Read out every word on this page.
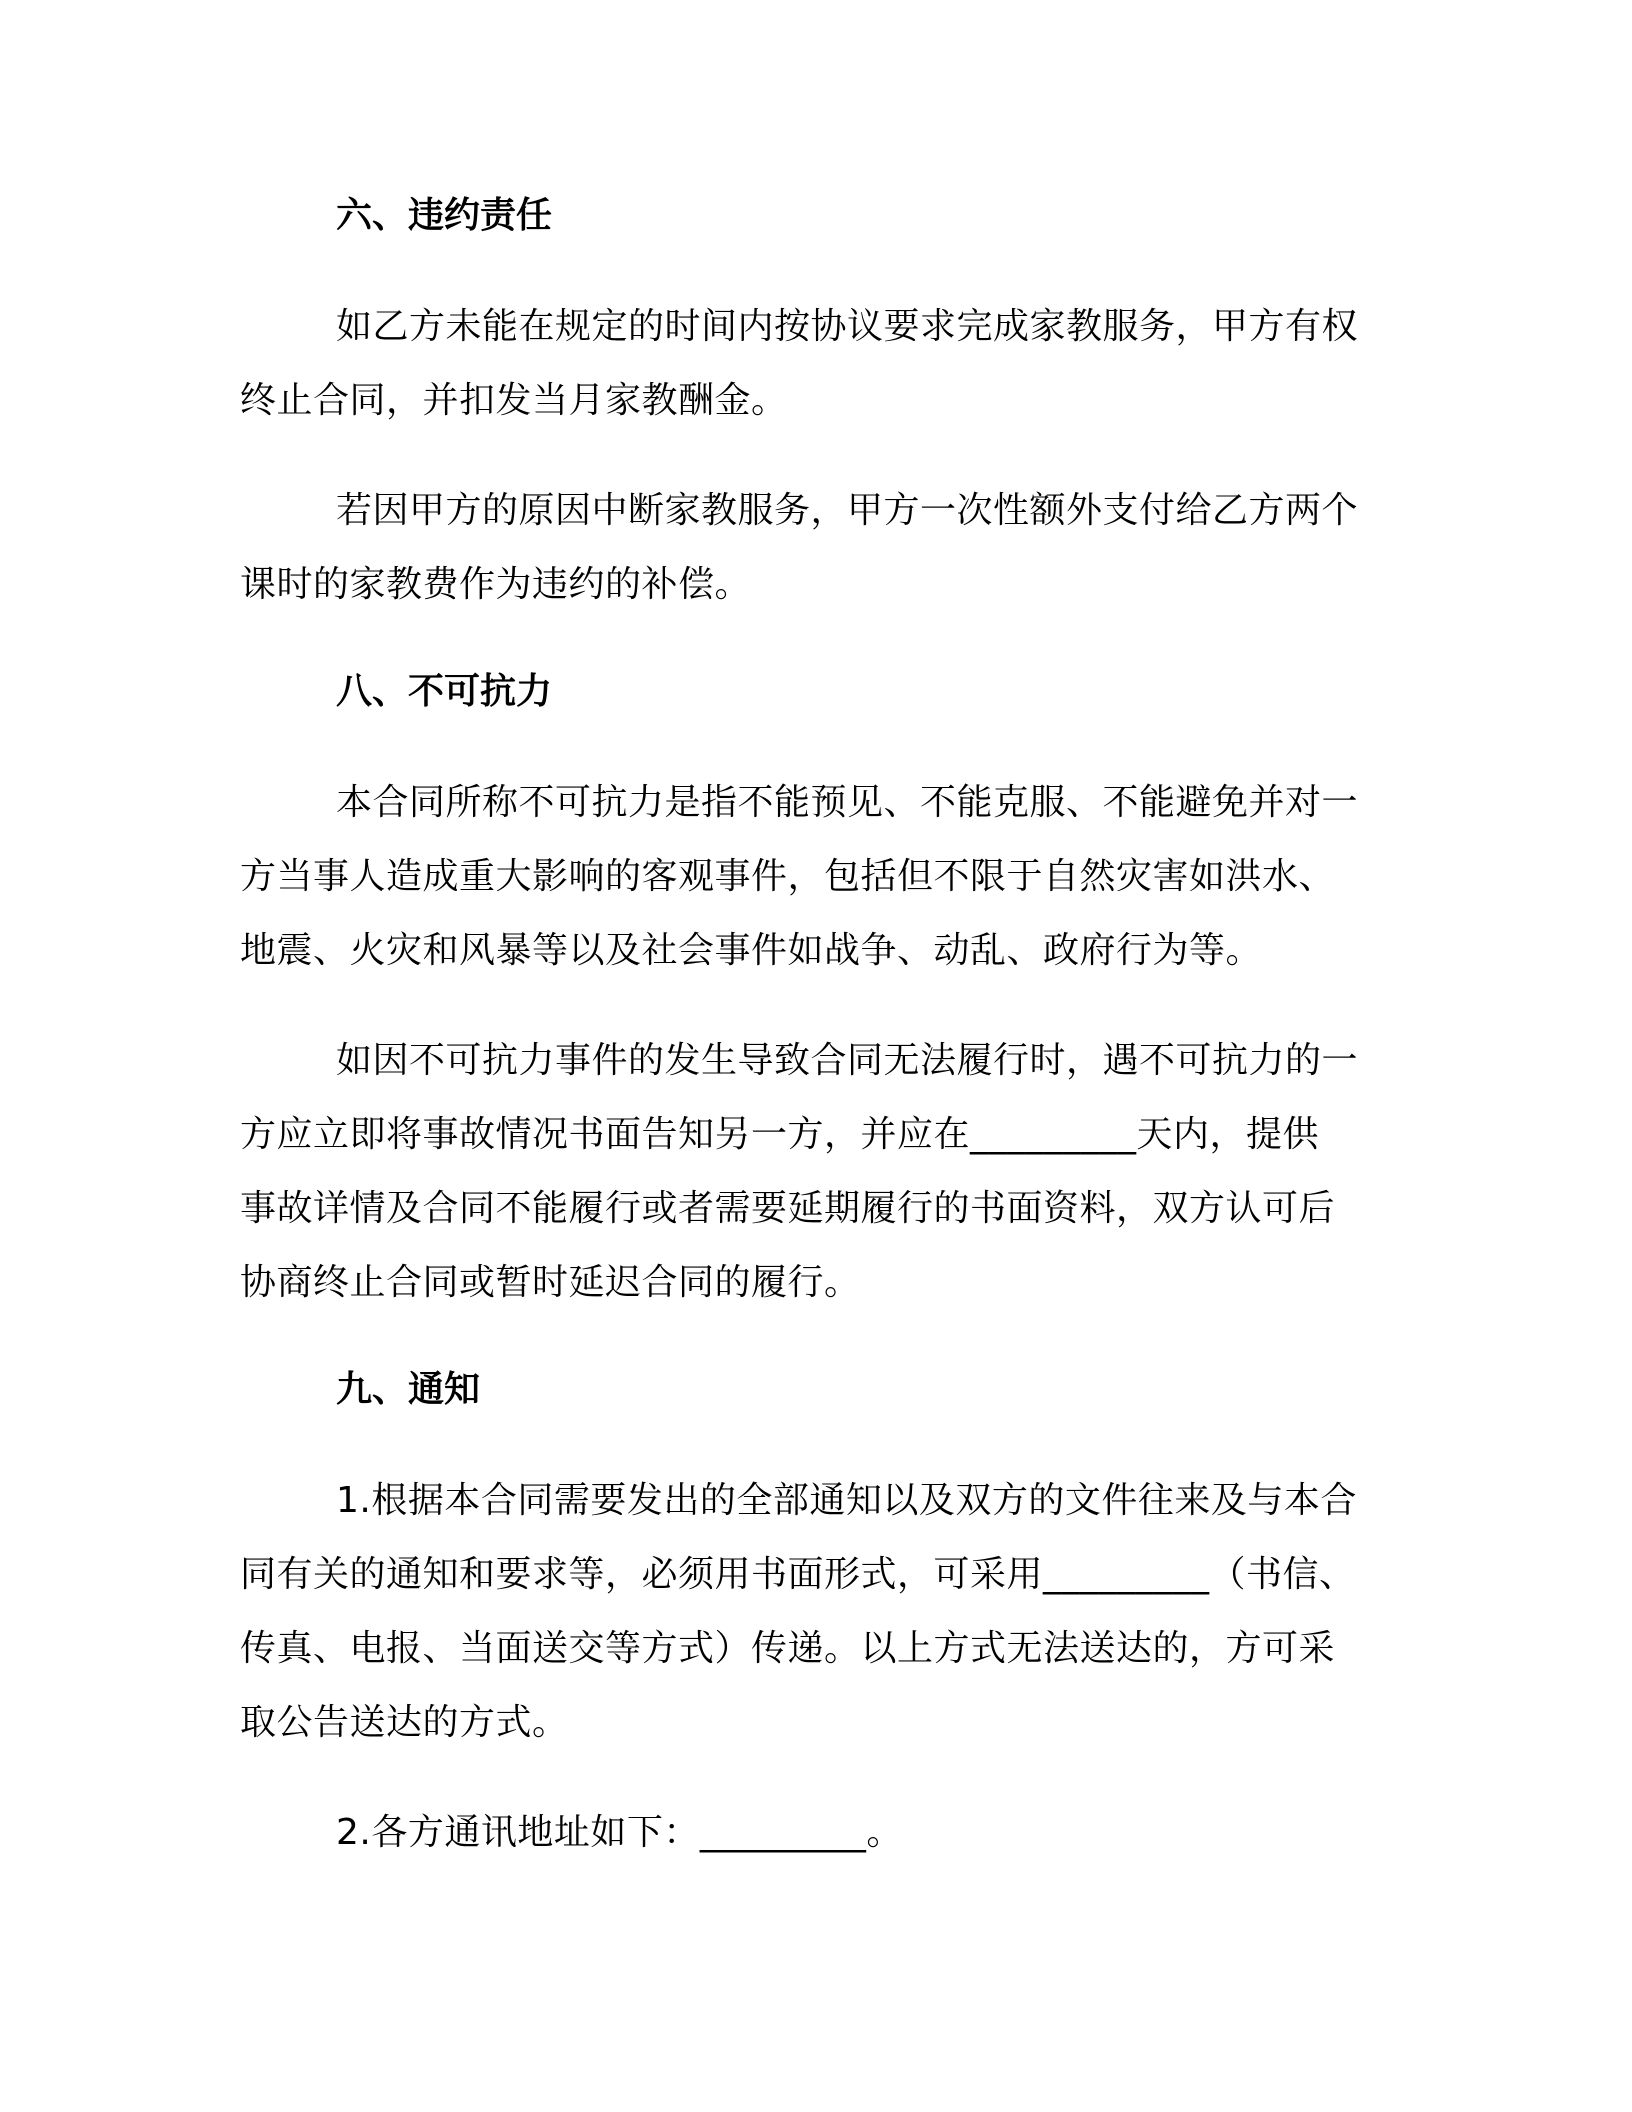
六、违约责任

如乙方未能在规定的时间内按协议要求完成家教服务，甲方有权
终止合同，并扣发当月家教酬金。

若因甲方的原因中断家教服务，甲方一次性额外支付给乙方两个
课时的家教费作为违约的补偿。

八、不可抗力

本合同所称不可抗力是指不能预见、不能克服、不能避免并对一
方当事人造成重大影响的客观事件，包括但不限于自然灾害如洪水、
地震、火灾和风暴等以及社会事件如战争、动乱、政府行为等。

如因不可抗力事件的发生导致合同无法履行时，遇不可抗力的一
方应立即将事故情况书面告知另一方，并应在_________天内，提供
事故详情及合同不能履行或者需要延期履行的书面资料，双方认可后
协商终止合同或暂时延迟合同的履行。

九、通知

1.根据本合同需要发出的全部通知以及双方的文件往来及与本合
同有关的通知和要求等，必须用书面形式，可采用_________（书信、
传真、电报、当面送交等方式）传递。以上方式无法送达的，方可采
取公告送达的方式。

2.各方通讯地址如下：_________。
